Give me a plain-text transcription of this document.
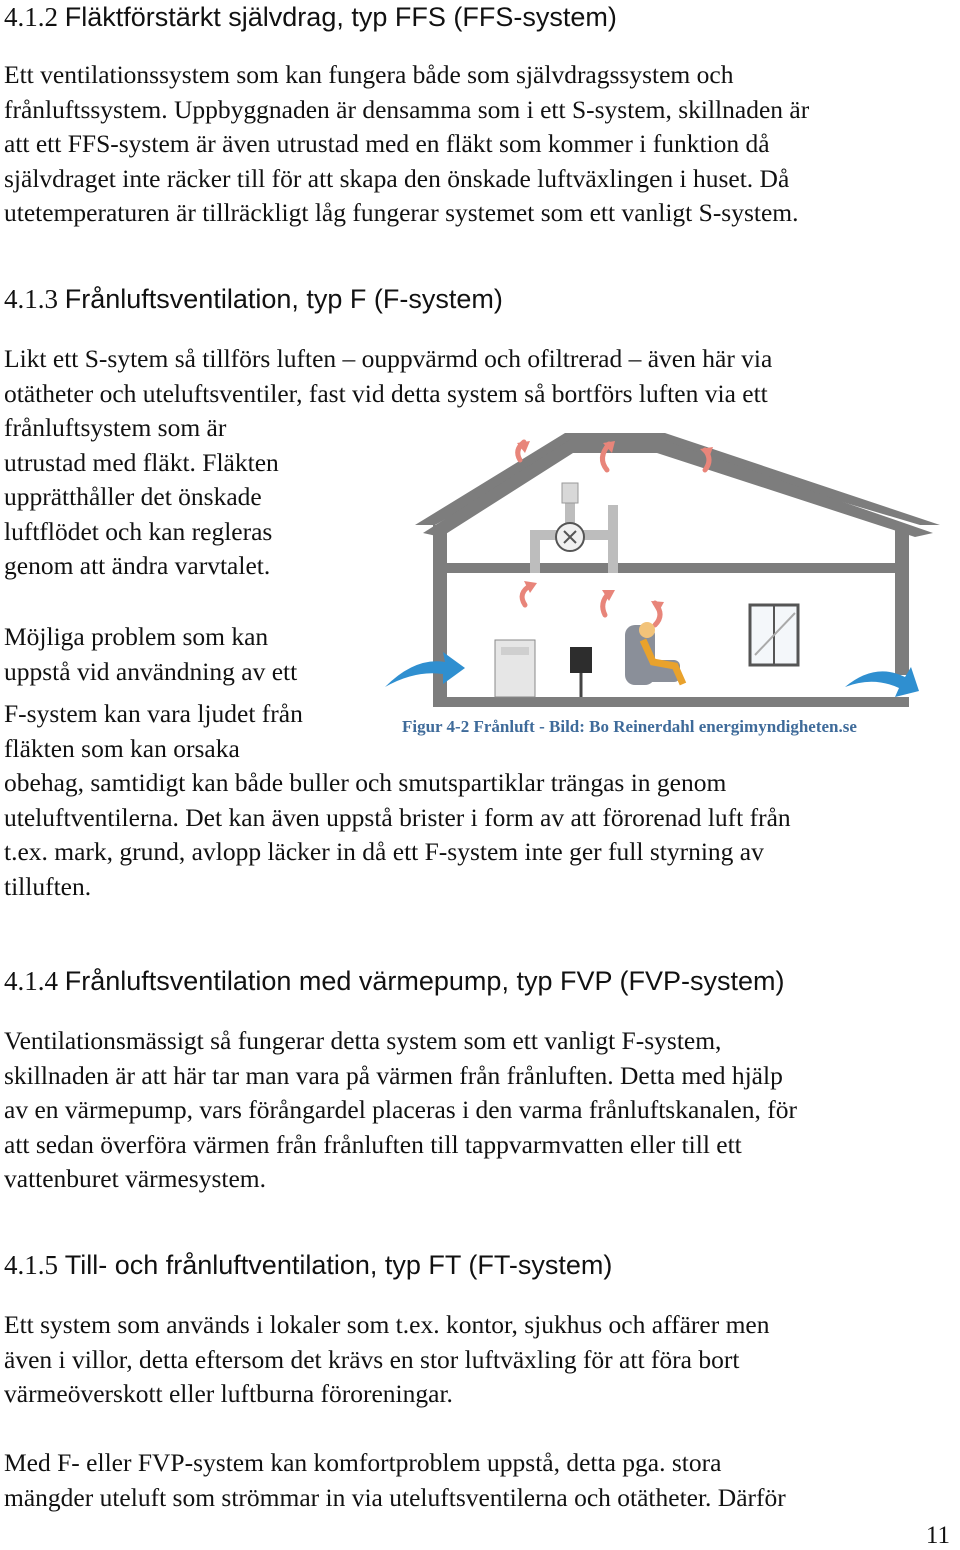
4.1.2 Fläktförstärkt självdrag, typ FFS (FFS-system)
Ett ventilationssystem som kan fungera både som självdragssystem och
frånluftssystem. Uppbyggnaden är densamma som i ett S-system, skillnaden är
att ett FFS-system är även utrustad med en fläkt som kommer i funktion då
självdraget inte räcker till för att skapa den önskade luftväxlingen i huset. Då
utetemperaturen är tillräckligt låg fungerar systemet som ett vanligt S-system.
4.1.3 Frånluftsventilation, typ F (F-system)
Likt ett S-sytem så tillförs luften – ouppvärmd och ofiltrerad – även här via
otätheter och uteluftsventiler, fast vid detta system så bortförs luften via ett
frånluftsystem som är
utrustad med fläkt. Fläkten
upprätthåller det önskade
luftflödet och kan regleras
genom att ändra varvtalet.
Möjliga problem som kan
uppstå vid användning av ett
F-system kan vara ljudet från
fläkten som kan orsaka
obehag, samtidigt kan både buller och smutspartiklar trängas in genom
uteluftventilerna. Det kan även uppstå brister i form av att förorenad luft från
t.ex. mark, grund, avlopp läcker in då ett F-system inte ger full styrning av
tilluften.
Figur 4-2 Frånluft - Bild: Bo Reinerdahl energimyndigheten.se
4.1.4 Frånluftsventilation med värmepump, typ FVP (FVP-system)
Ventilationsmässigt så fungerar detta system som ett vanligt F-system,
skillnaden är att här tar man vara på värmen från frånluften. Detta med hjälp
av en värmepump, vars förångardel placeras i den varma frånluftskanalen, för
att sedan överföra värmen från frånluften till tappvarmvatten eller till ett
vattenburet värmesystem.
4.1.5 Till- och frånluftventilation, typ FT (FT-system)
Ett system som används i lokaler som t.ex. kontor, sjukhus och affärer men
även i villor, detta eftersom det krävs en stor luftväxling för att föra bort
värmeöverskott eller luftburna föroreningar.
Med F- eller FVP-system kan komfortproblem uppstå, detta pga. stora
mängder uteluft som strömmar in via uteluftsventilerna och otätheter. Därför
11
